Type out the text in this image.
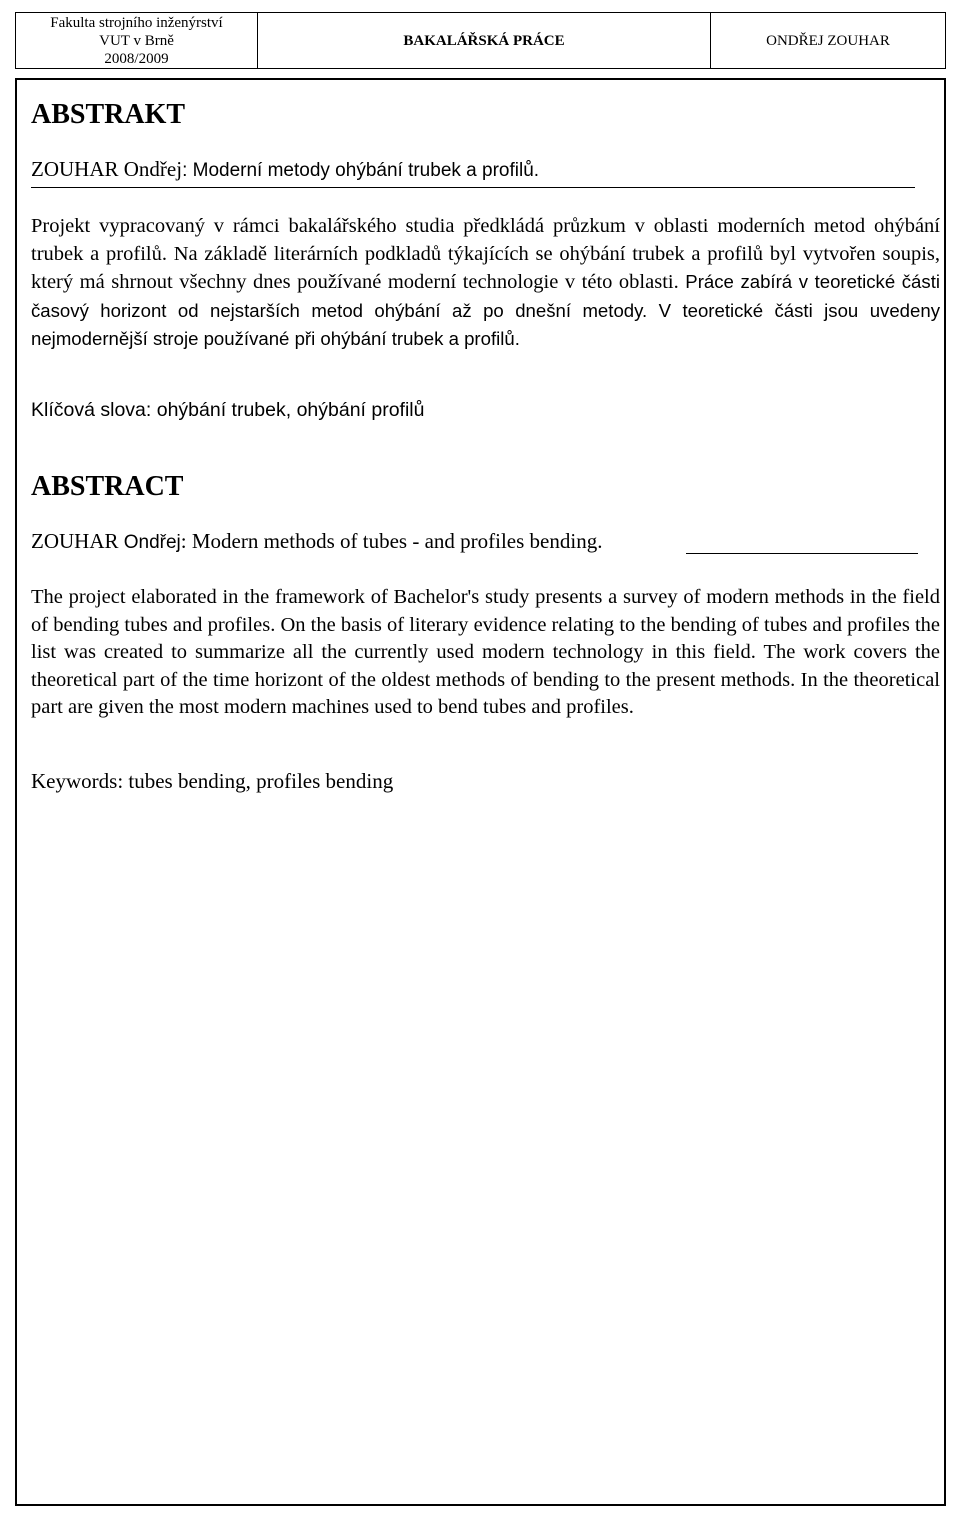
Fakulta strojního inženýrství
VUT v Brně
2008/2009
BAKALÁŘSKÁ PRÁCE	ONDŘEJ ZOUHAR
ABSTRAKT
ZOUHAR Ondřej: Moderní metody ohýbání trubek a profilů.

Projekt vypracovaný v rámci bakalářského studia předkládá průzkum v oblasti moderních metod ohýbání trubek a profilů. Na základě literárních podkladů týkajících se ohýbání trubek a profilů byl vytvořen soupis, který má shrnout všechny dnes používané moderní technologie v této oblasti. Práce zabírá v teoretické části časový horizont od nejstarších metod ohýbání až po dnešní metody. V teoretické části jsou uvedeny nejmodernější stroje používané při ohýbání trubek a profilů.

Klíčová slova: ohýbání trubek, ohýbání profilů
ABSTRACT
ZOUHAR Ondřej: Modern methods of tubes - and profiles bending.

The project elaborated in the framework of Bachelor's study presents a survey of modern methods in the field of bending tubes and profiles. On the basis of literary evidence relating to the bending of tubes and profiles the list was created to summarize all the currently used modern technology in this field. The work covers the theoretical part of the time horizont of the oldest methods of bending to the present methods. In the theoretical part are given the most modern machines used to bend tubes and profiles.

Keywords: tubes bending, profiles bending
